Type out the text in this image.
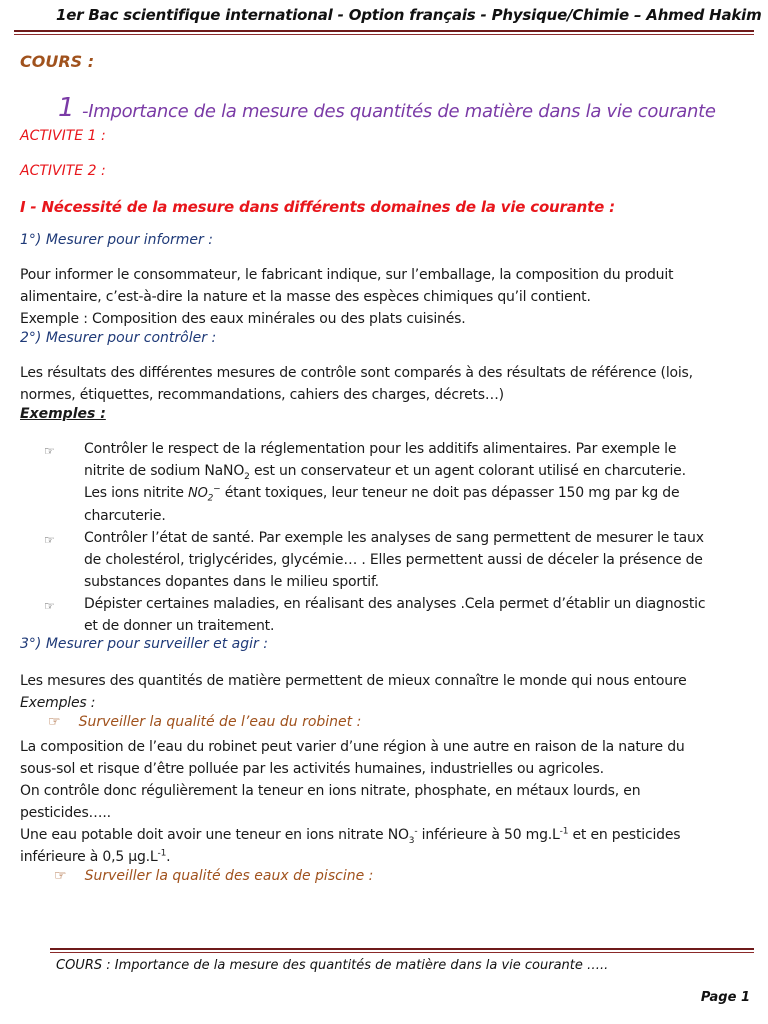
1er Bac scientifique international - Option français - Physique/Chimie – Ahmed Hakim
COURS :
1 -Importance de la mesure des quantités de matière dans la vie courante
ACTIVITE 1 :
ACTIVITE 2 :
I - Nécessité de la mesure dans différents domaines de la vie courante :
1°) Mesurer pour informer :

Pour informer le consommateur, le fabricant indique, sur l’emballage, la composition du produit

alimentaire, c’est-à-dire la nature et la masse des espèces chimiques qu’il contient.

Exemple : Composition des eaux minérales ou des plats cuisinés.

2°) Mesurer pour contrôler :

Les résultats des différentes mesures de contrôle sont comparés à des résultats de référence (lois,

normes, étiquettes, recommandations, cahiers des charges, décrets…)

Exemples :
☞ Contrôler le respect de la réglementation pour les additifs alimentaires. Par exemple le
nitrite de sodium NaNO$_2$ est un conservateur et un agent colorant utilisé en charcuterie.
Les ions nitrite $NO_2^-$ étant toxiques, leur teneur ne doit pas dépasser 150 mg par kg de
charcuterie.
☞ Contrôler l’état de santé. Par exemple les analyses de sang permettent de mesurer le taux
de cholestérol, triglycérides, glycémie… . Elles permettent aussi de déceler la présence de
substances dopantes dans le milieu sportif.
☞ Dépister certaines maladies, en réalisant des analyses .Cela permet d’établir un diagnostic
et de donner un traitement.
3°) Mesurer pour surveiller et agir :

Les mesures des quantités de matière permettent de mieux connaître le monde qui nous entoure

Exemples :

☞ Surveiller la qualité de l’eau du robinet :

La composition de l’eau du robinet peut varier d’une région à une autre en raison de la nature du

sous-sol et risque d’être polluée par les activités humaines, industrielles ou agricoles.

On contrôle donc régulièrement la teneur en ions nitrate, phosphate, en métaux lourds, en

pesticides…..

Une eau potable doit avoir une teneur en ions nitrate $NO_3^-$ inférieure à 50 $mg.L^{-1}$ et en pesticides

inférieure à 0,5 $\mu g.L^{-1}$.

☞ Surveiller la qualité des eaux de piscine :
COURS : Importance de la mesure des quantités de matière dans la vie courante …..
Page 1
